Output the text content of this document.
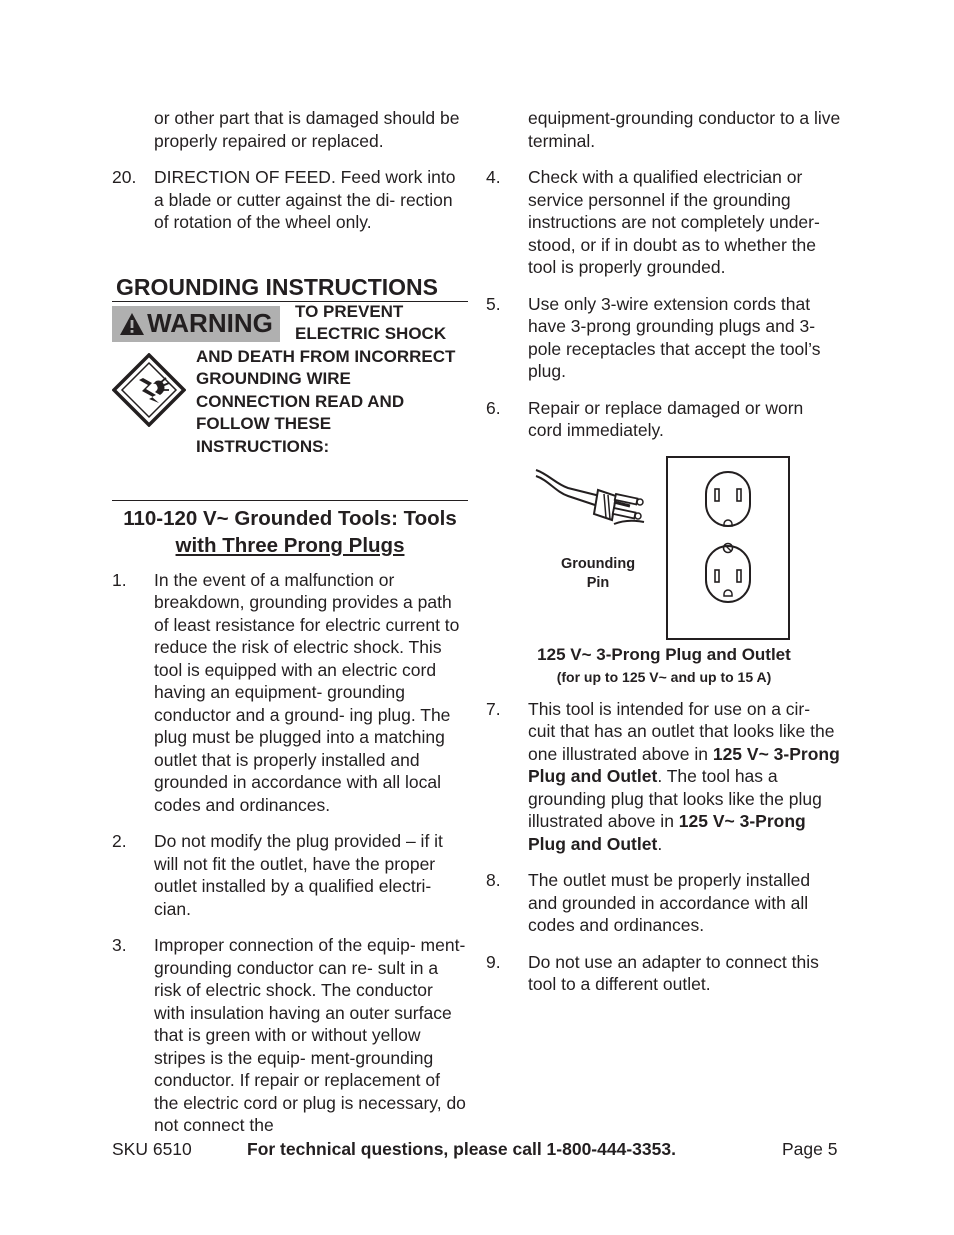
or other part that is damaged should be properly repaired or replaced.
20. DIRECTION OF FEED. Feed work into a blade or cutter against the di- rection of rotation of the wheel only.
GROUNDING INSTRUCTIONS
WARNING TO PREVENT ELECTRIC SHOCK
AND DEATH FROM INCORRECT GROUNDING WIRE CONNECTION READ AND FOLLOW THESE INSTRUCTIONS:
110-120 V~ Grounded Tools: Tools
with Three Prong Plugs
1. In the event of a malfunction or breakdown, grounding provides a path of least resistance for electric current to reduce the risk of electric shock. This tool is equipped with an electric cord having an equipment- grounding conductor and a ground- ing plug. The plug must be plugged into a matching outlet that is properly installed and grounded in accordance with all local codes and ordinances.
2. Do not modify the plug provided – if it will not fit the outlet, have the proper outlet installed by a qualified electri- cian.
3. Improper connection of the equip- ment-grounding conductor can re- sult in a risk of electric shock. The conductor with insulation having an outer surface that is green with or without yellow stripes is the equip- ment-grounding conductor. If repair or replacement of the electric cord or plug is necessary, do not connect the
equipment-grounding conductor to a live terminal.
4. Check with a qualified electrician or service personnel if the grounding instructions are not completely under- stood, or if in doubt as to whether the tool is properly grounded.
5. Use only 3-wire extension cords that have 3-prong grounding plugs and 3-pole receptacles that accept the tool’s plug.
6. Repair or replace damaged or worn cord immediately.
Grounding
Pin
125 V~ 3-Prong Plug and Outlet
(for up to 125 V~ and up to 15 A)
7. This tool is intended for use on a cir- cuit that has an outlet that looks like the one illustrated above in 125 V~ 3-Prong Plug and Outlet. The tool has a grounding plug that looks like the plug illustrated above in 125 V~ 3-Prong Plug and Outlet.
8. The outlet must be properly installed and grounded in accordance with all codes and ordinances.
9. Do not use an adapter to connect this tool to a different outlet.
SKU 6510	For technical questions, please call 1-800-444-3353.	Page 5
